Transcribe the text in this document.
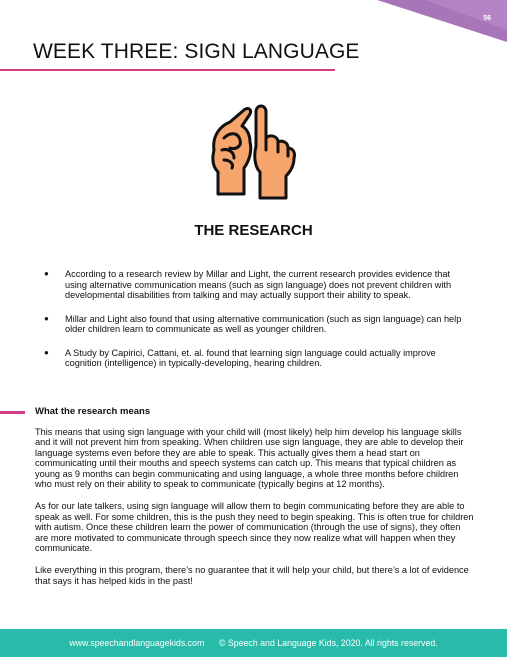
56
WEEK THREE: SIGN LANGUAGE
THE RESEARCH
● According to a research review by Millar and Light, the current research provides evidence that using alternative communication means (such as sign language) does not prevent children with developmental disabilities from talking and may actually support their ability to speak.
● Millar and Light also found that using alternative communication (such as sign language) can help older children learn to communicate as well as younger children.
● A Study by Capirici, Cattani, et. al. found that learning sign language could actually improve cognition (intelligence) in typically-developing, hearing children.
What the research means

This means that using sign language with your child will (most likely) help him develop his language skills and it will not prevent him from speaking. When children use sign language, they are able to develop their language systems even before they are able to speak. This actually gives them a head start on communicating until their mouths and speech systems can catch up. This means that typical children as young as 9 months can begin communicating and using language, a whole three months before children who must rely on their ability to speak to communicate (typically begins at 12 months).

As for our late talkers, using sign language will allow them to begin communicating before they are able to speak as well. For some children, this is the push they need to begin speaking. This is often true for children with autism. Once these children learn the power of communication (through the use of signs), they often are more motivated to communicate through speech since they now realize what will happen when they communicate.

Like everything in this program, there’s no guarantee that it will help your child, but there’s a lot of evidence that says it has helped kids in the past!

www.speechandlanguagekids.com
© Speech and Language Kids, 2020. All rights reserved.
